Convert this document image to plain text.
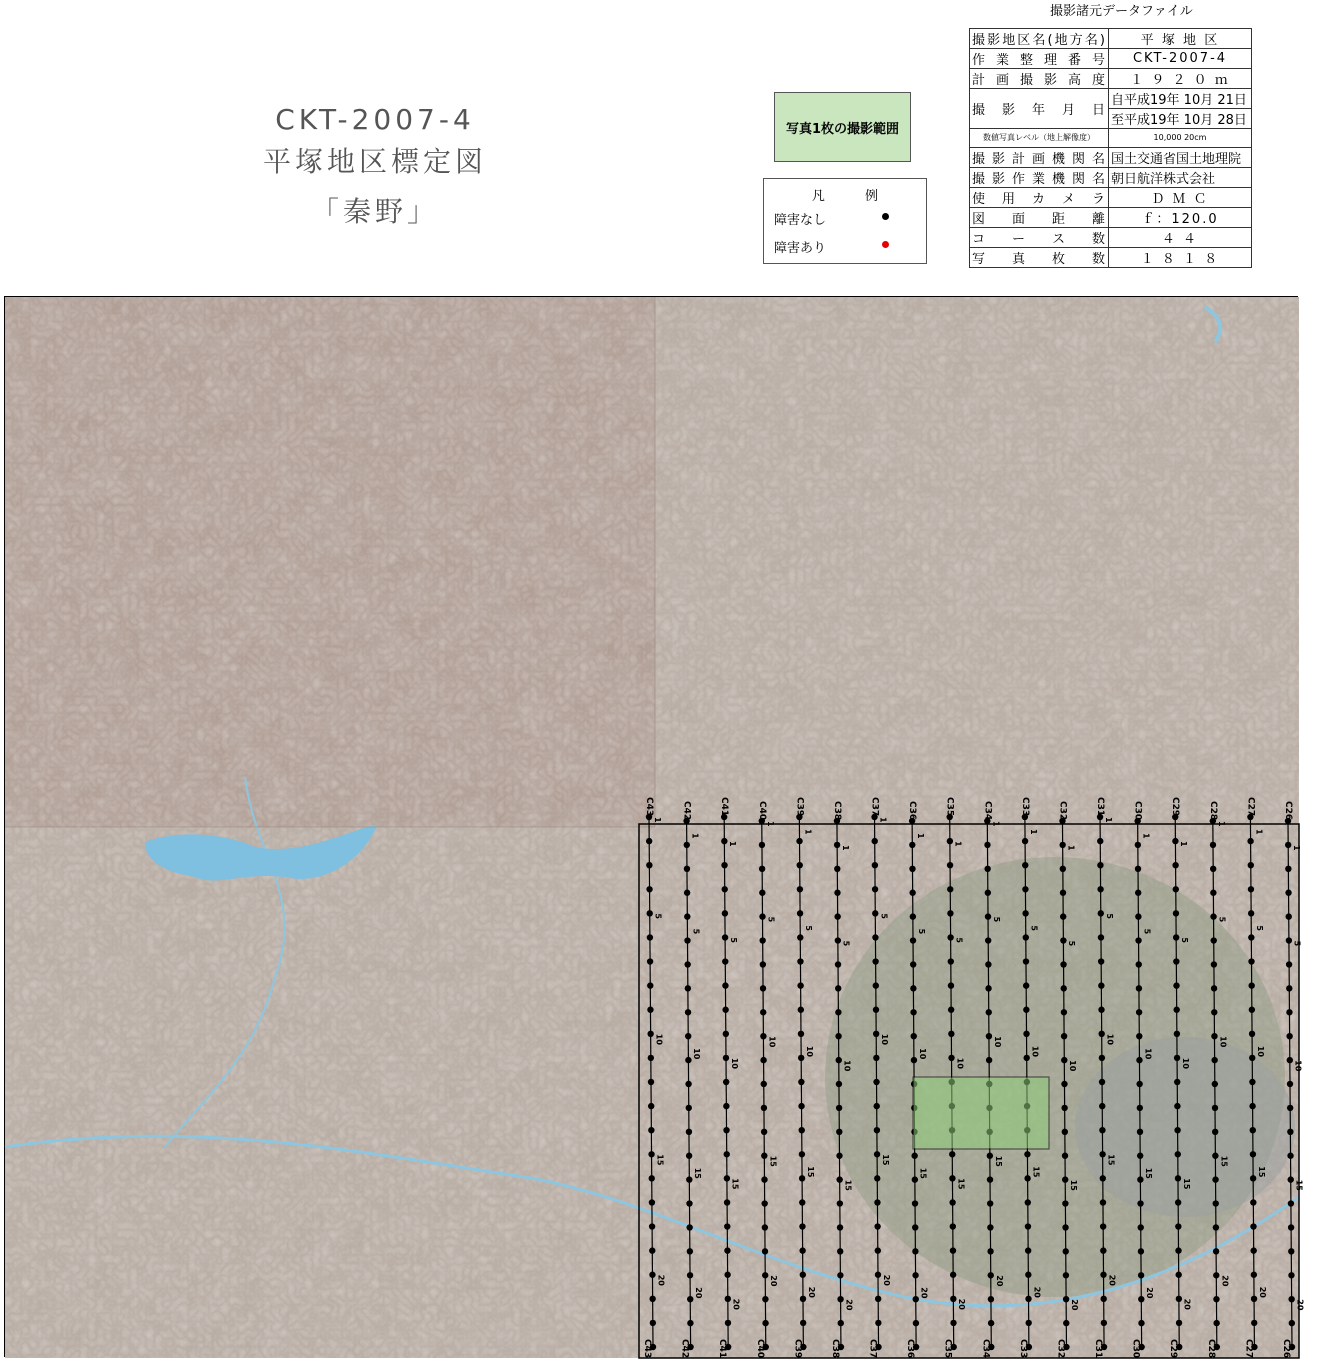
CKT-2007-4
平塚地区標定図
「秦野」
写真1枚の撮影範囲
凡 例
障害なし
障害あり
撮影諸元データファイル
撮影地区名(地方名)	平 塚 地 区
作 業 整 理 番 号	CKT-2007-4
計 画 撮 影 高 度	１ ９ ２ ０ ｍ
撮 影 年 月 日	自平成19年 10月 21日
	至平成19年 10月 28日
数値写真レベル（地上解像度）	10,000 20cm
撮影計画機関名	国土交通省国土地理院
撮影作業機関名	朝日航洋株式会社
使 用 カ メ ラ	Ｄ Ｍ Ｃ
図 面 距 離	ｆ：120.0
コ ー ス 数	４ ４
写 真 枚 数	１ ８ １ ８
C43
C43
1
5
10
15
20
C42
C42
1
5
10
15
20
C41
C41
1
5
10
15
20
C40
C40
1
5
10
15
20
C39
C39
1
5
10
15
20
C38
C38
1
5
10
15
20
C37
C37
1
5
10
15
20
C36
C36
1
5
10
15
20
C35
C35
1
5
10
15
20
C34
C34
1
5
10
15
20
C33
C33
1
5
10
15
20
C32
C32
1
5
10
15
20
C31
C31
1
5
10
15
20
C30
C30
1
5
10
15
20
C29
C29
1
5
10
15
20
C28
C28
1
5
10
15
20
C27
C27
1
5
10
15
20
C26
C26
1
5
10
15
20
